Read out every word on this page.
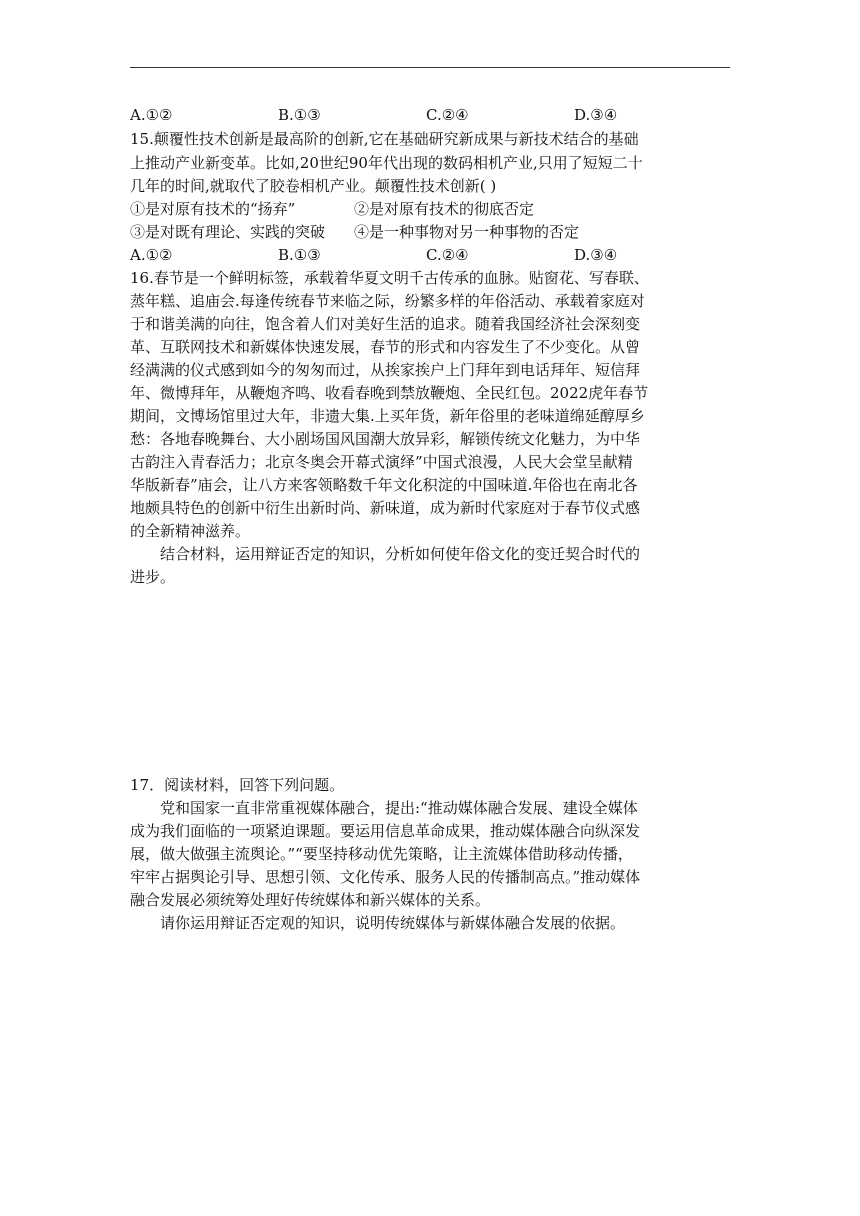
A.①②	B.①③	C.②④	D.③④
15.颠覆性技术创新是最高阶的创新,它在基础研究新成果与新技术结合的基础
上推动产业新变革。比如,20世纪90年代出现的数码相机产业,只用了短短二十
几年的时间,就取代了胶卷相机产业。颠覆性技术创新( )
①是对原有技术的“扬弃”	②是对原有技术的彻底否定
③是对既有理论、实践的突破 ④是一种事物对另一种事物的否定
A.①②	B.①③	C.②④	D.③④
16.春节是一个鲜明标签，承载着华夏文明千古传承的血脉。贴窗花、写春联、
蒸年糕、追庙会.每逢传统春节来临之际，纷繁多样的年俗活动、承载着家庭对
于和谐美满的向往，饱含着人们对美好生活的追求。随着我国经济社会深刻变
革、互联网技术和新媒体快速发展，春节的形式和内容发生了不少变化。从曾
经满满的仪式感到如今的匆匆而过，从挨家挨户上门拜年到电话拜年、短信拜
年、微博拜年，从鞭炮齐鸣、收看春晚到禁放鞭炮、全民红包。2022虎年春节
期间，文博场馆里过大年，非遗大集.上买年货，新年俗里的老味道绵延醇厚乡
愁：各地春晚舞台、大小剧场国风国潮大放异彩，解锁传统文化魅力，为中华
古韵注入青春活力；北京冬奥会开幕式演绎”中国式浪漫，人民大会堂呈献精
华版新春”庙会，让八方来客领略数千年文化积淀的中国味道.年俗也在南北各
地颇具特色的创新中衍生出新时尚、新味道，成为新时代家庭对于春节仪式感
的全新精神滋养。
结合材料，运用辩证否定的知识，分析如何使年俗文化的变迁契合时代的
进步。
17．阅读材料，回答下列问题。
党和国家一直非常重视媒体融合，提出:“推动媒体融合发展、建设全媒体
成为我们面临的一项紧迫课题。要运用信息革命成果，推动媒体融合向纵深发
展，做大做强主流舆论。”“要坚持移动优先策略，让主流媒体借助移动传播，
牢牢占据舆论引导、思想引领、文化传承、服务人民的传播制高点。”推动媒体
融合发展必须统筹处理好传统媒体和新兴媒体的关系。
请你运用辩证否定观的知识，说明传统媒体与新媒体融合发展的依据。
